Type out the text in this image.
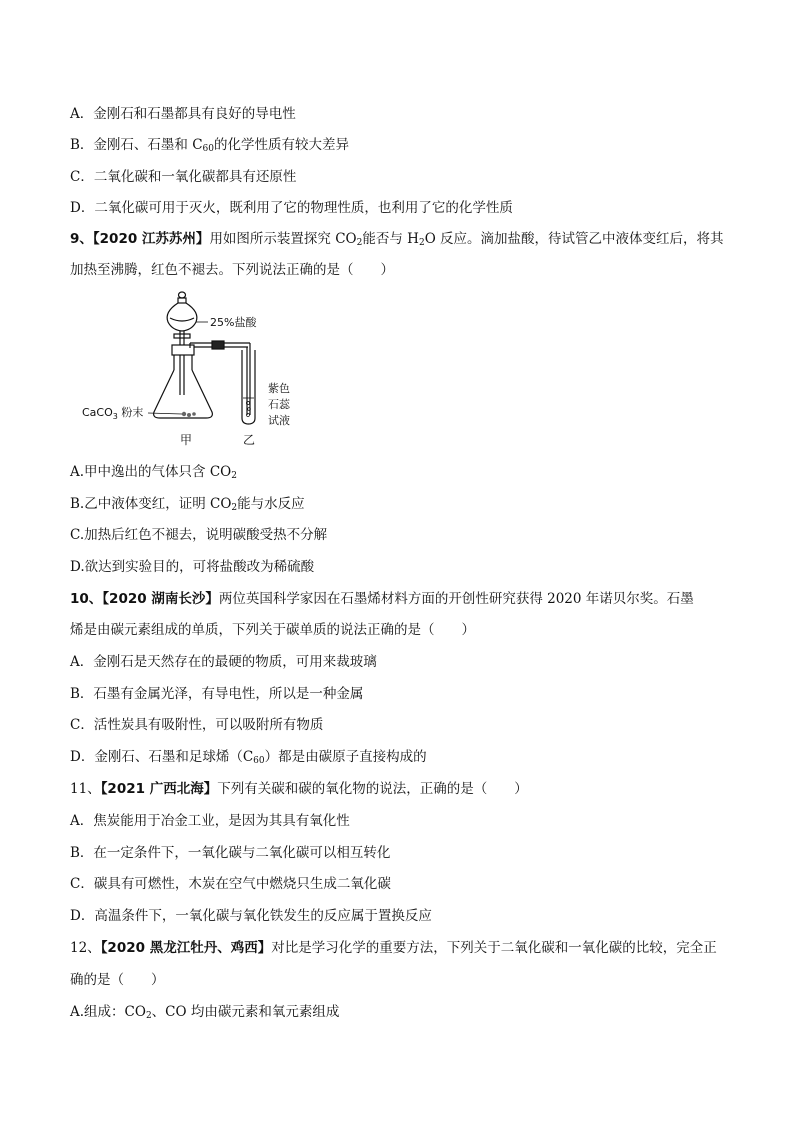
A．金刚石和石墨都具有良好的导电性
B．金刚石、石墨和 $C_{60}$的化学性质有较大差异
C．二氧化碳和一氧化碳都具有还原性
D．二氧化碳可用于灭火，既利用了它的物理性质，也利用了它的化学性质
9、【2020 江苏苏州】用如图所示装置探究 $CO_2$能否与 $H_2O$ 反应。滴加盐酸，待试管乙中液体变红后，将其
加热至沸腾，红色不褪去。下列说法正确的是（　　）
25%盐酸
紫色
石蕊
试液
CaCO$_3$ 粉末
甲	乙
A.甲中逸出的气体只含 $CO_2$
B.乙中液体变红，证明 $CO_2$能与水反应
C.加热后红色不褪去，说明碳酸受热不分解
D.欲达到实验目的，可将盐酸改为稀硫酸
10、【2020 湖南长沙】两位英国科学家因在石墨烯材料方面的开创性研究获得 2020 年诺贝尔奖。石墨
烯是由碳元素组成的单质，下列关于碳单质的说法正确的是（　　）
A．金刚石是天然存在的最硬的物质，可用来裁玻璃
B．石墨有金属光泽，有导电性，所以是一种金属
C．活性炭具有吸附性，可以吸附所有物质
D．金刚石、石墨和足球烯$(C_{60})$都是由碳原子直接构成的
11、【2021 广西北海】下列有关碳和碳的氧化物的说法，正确的是（　　）
A．焦炭能用于冶金工业，是因为其具有氧化性
B．在一定条件下，一氧化碳与二氧化碳可以相互转化
C．碳具有可燃性，木炭在空气中燃烧只生成二氧化碳
D．高温条件下，一氧化碳与氧化铁发生的反应属于置换反应
12、【2020 黑龙江牡丹、鸡西】对比是学习化学的重要方法，下列关于二氧化碳和一氧化碳的比较，完全正
确的是（　　）
A.组成：$CO_2$、CO 均由碳元素和氧元素组成
